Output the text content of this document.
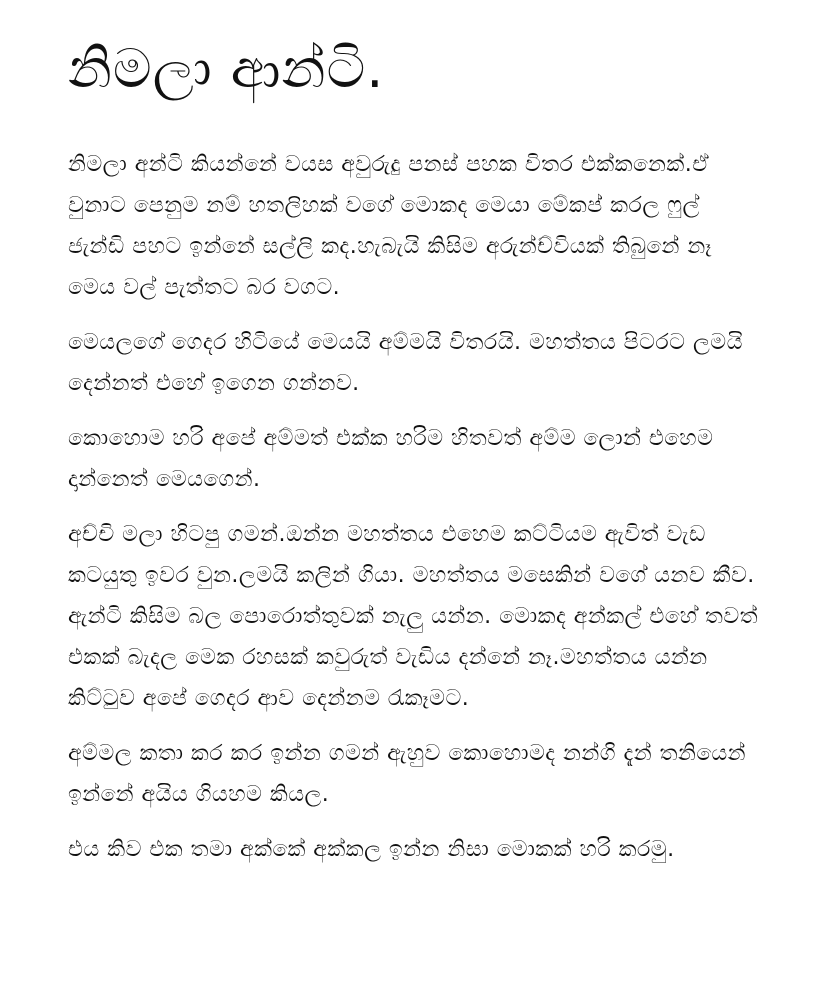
නිමලා ආන්ටි.

නිමලා අන්ටි කියන්නේ වයස අවුරුදු පනස් පහක විතර එක්කනෙක්.ඒ වුනාට පෙනුම නම් හතලිහක් වගේ මොකද මෙයා මේකප් කරල ෆුල් ජැන්ඩි පහට ඉන්නේ සල්ලි කද.හැබැයි කිසිම අරුන්ච්වියක් තිබුනේ නෑ මෙය වල් පැත්තට බර වගට.

මෙයලගේ ගෙදර හිටියේ මෙයයි අම්මයි විතරයි. මහත්තය පිටරට ලමයි දෙන්නත් එහේ ඉගෙන ගන්නව.

කොහොම හරි අපේ අම්මත් එක්ක හරිම හිතවත් අම්ම ලොන් එහෙම දාන්නෙත් මෙයගෙන්.

අච්චි මලා හිටපු ගමන්.ඔන්න මහත්තය එහෙම කට්ටියම ඇවිත් වැඩ කටයුතු ඉවර වුන.ලමයි කලින් ගියා. මහත්තය මසෙකින් වගේ යනව කීව. ඇන්ටි කිසිම බල පොරොත්තුවක් නැලු යන්න. මොකද අන්කල් එහේ තවත් එකක් බැදල මෙක රහසක් කවුරුත් වැඩිය දන්නේ නෑ.මහත්තය යන්න කිට්ටුව අපේ ගෙදර ආව දෙන්නම රැකෑමට.

අම්මල කතා කර කර ඉන්න ගමන් ඇහුව කොහොමද නන්ගි දැන් තනියෙන් ඉන්නේ අයිය ගියහම කියල.

එය කිව එක තමා අක්කේ අක්කල ඉන්න නිසා මොකක් හරි කරමු.
